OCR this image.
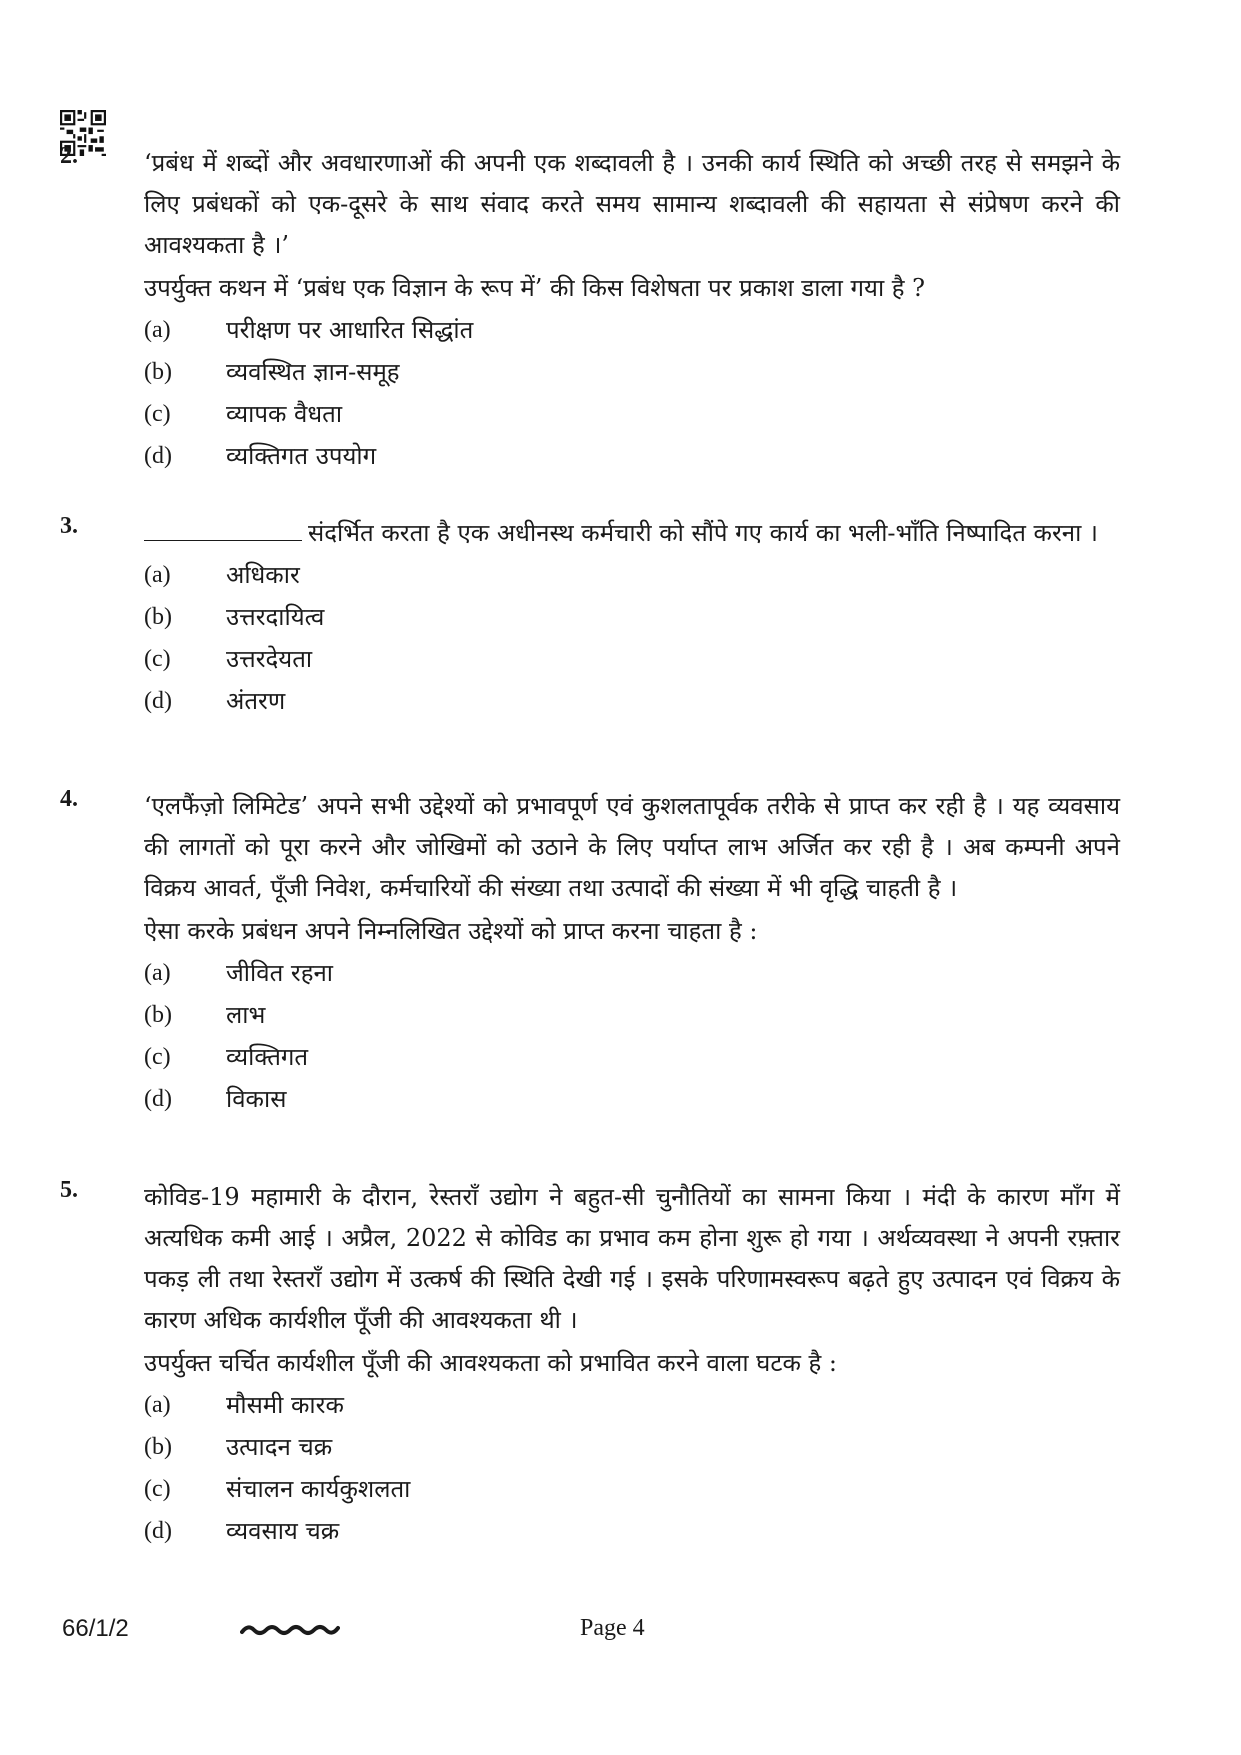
2.	‘प्रबंध में शब्दों और अवधारणाओं की अपनी एक शब्दावली है । उनकी कार्य स्थिति को अच्छी तरह से समझने के लिए प्रबंधकों को एक-दूसरे के साथ संवाद करते समय सामान्य शब्दावली की सहायता से संप्रेषण करने की आवश्यकता है ।’
उपर्युक्त कथन में ‘प्रबंध एक विज्ञान के रूप में’ की किस विशेषता पर प्रकाश डाला गया है ?
(a)	परीक्षण पर आधारित सिद्धांत
(b)	व्यवस्थित ज्ञान-समूह
(c)	व्यापक वैधता
(d)	व्यक्तिगत उपयोग
3.	संदर्भित करता है एक अधीनस्थ कर्मचारी को सौंपे गए कार्य का भली-भाँति निष्पादित करना ।
(a)	अधिकार
(b)	उत्तरदायित्व
(c)	उत्तरदेयता
(d)	अंतरण
4.	‘एलफैंज़ो लिमिटेड’ अपने सभी उद्देश्यों को प्रभावपूर्ण एवं कुशलतापूर्वक तरीके से प्राप्त कर रही है । यह व्यवसाय की लागतों को पूरा करने और जोखिमों को उठाने के लिए पर्याप्त लाभ अर्जित कर रही है । अब कम्पनी अपने विक्रय आवर्त, पूँजी निवेश, कर्मचारियों की संख्या तथा उत्पादों की संख्या में भी वृद्धि चाहती है ।
ऐसा करके प्रबंधन अपने निम्नलिखित उद्देश्यों को प्राप्त करना चाहता है :
(a)	जीवित रहना
(b)	लाभ
(c)	व्यक्तिगत
(d)	विकास
5.	कोविड-19 महामारी के दौरान, रेस्तराँ उद्योग ने बहुत-सी चुनौतियों का सामना किया । मंदी के कारण माँग में अत्यधिक कमी आई । अप्रैल, 2022 से कोविड का प्रभाव कम होना शुरू हो गया । अर्थव्यवस्था ने अपनी रफ़्तार पकड़ ली तथा रेस्तराँ उद्योग में उत्कर्ष की स्थिति देखी गई । इसके परिणामस्वरूप बढ़ते हुए उत्पादन एवं विक्रय के कारण अधिक कार्यशील पूँजी की आवश्यकता थी ।
उपर्युक्त चर्चित कार्यशील पूँजी की आवश्यकता को प्रभावित करने वाला घटक है :
(a)	मौसमी कारक
(b)	उत्पादन चक्र
(c)	संचालन कार्यकुशलता
(d)	व्यवसाय चक्र
66/1/2	Page 4
